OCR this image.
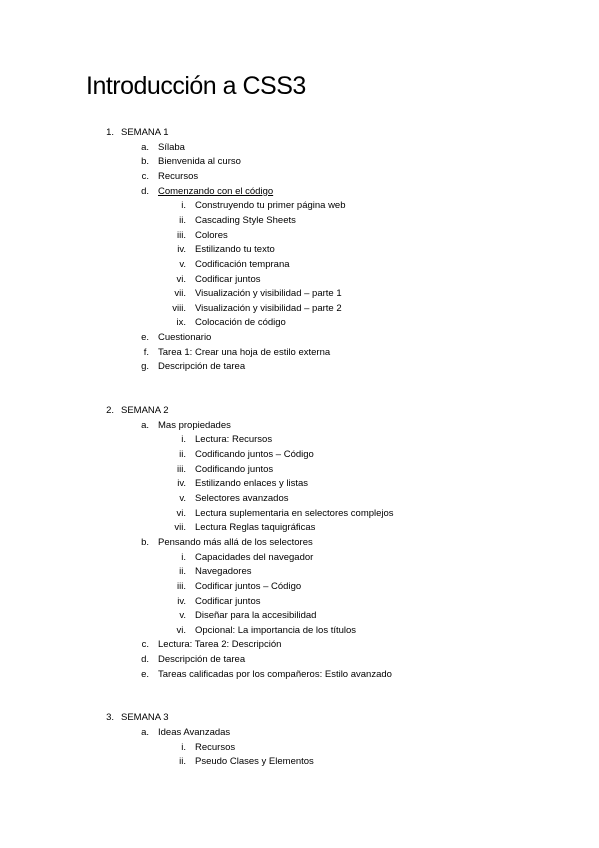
Introducción a CSS3
1. SEMANA 1
a. Sílaba
b. Bienvenida al curso
c. Recursos
d. Comenzando con el código
i. Construyendo tu primer página web
ii. Cascading Style Sheets
iii. Colores
iv. Estilizando tu texto
v. Codificación temprana
vi. Codificar juntos
vii. Visualización y visibilidad – parte 1
viii. Visualización y visibilidad – parte 2
ix. Colocación de código
e. Cuestionario
f. Tarea 1: Crear una hoja de estilo externa
g. Descripción de tarea
2. SEMANA 2
a. Mas propiedades
i. Lectura: Recursos
ii. Codificando juntos – Código
iii. Codificando juntos
iv. Estilizando enlaces y listas
v. Selectores avanzados
vi. Lectura suplementaria en selectores complejos
vii. Lectura Reglas taquigráficas
b. Pensando más allá de los selectores
i. Capacidades del navegador
ii. Navegadores
iii. Codificar juntos – Código
iv. Codificar juntos
v. Diseñar para la accesibilidad
vi. Opcional: La importancia de los títulos
c. Lectura: Tarea 2: Descripción
d. Descripción de tarea
e. Tareas calificadas por los compañeros: Estilo avanzado
3. SEMANA 3
a. Ideas Avanzadas
i. Recursos
ii. Pseudo Clases y Elementos
